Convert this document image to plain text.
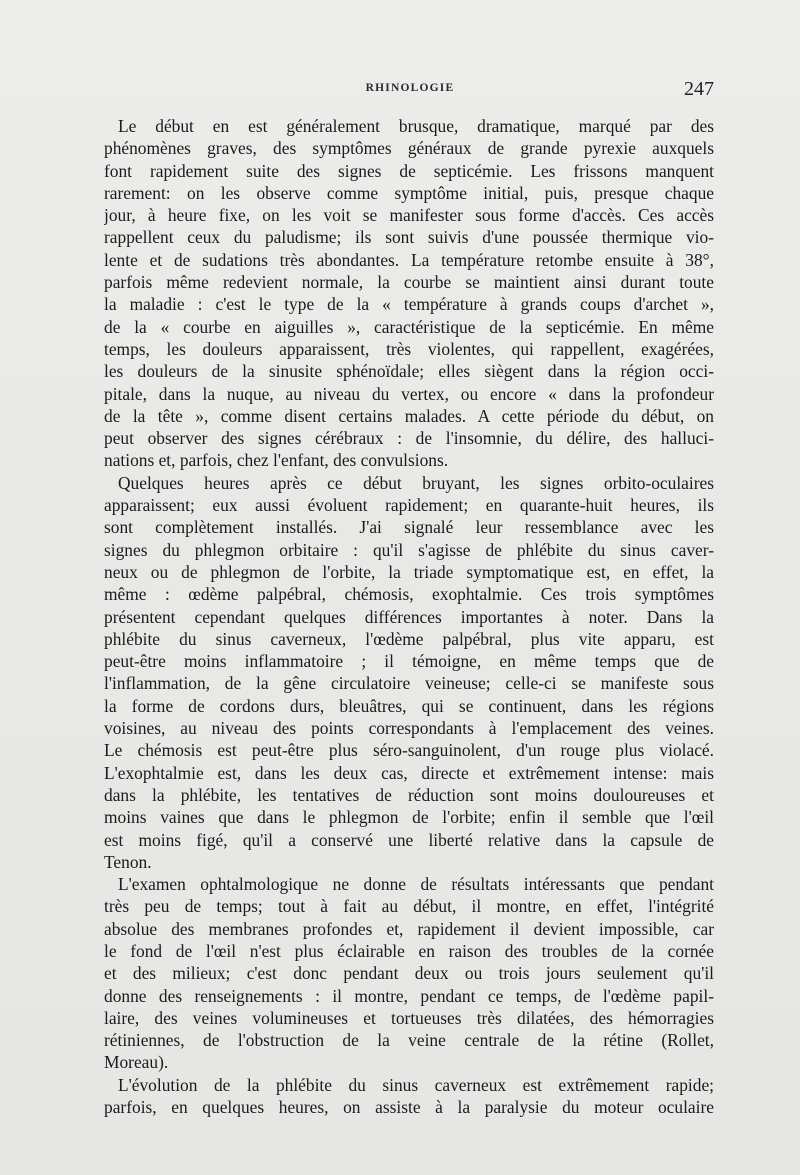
RHINOLOGIE	247
Le début en est généralement brusque, dramatique, marqué par des
phénomènes graves, des symptômes généraux de grande pyrexie auxquels
font rapidement suite des signes de septicémie. Les frissons manquent
rarement: on les observe comme symptôme initial, puis, presque chaque
jour, à heure fixe, on les voit se manifester sous forme d'accès. Ces accès
rappellent ceux du paludisme; ils sont suivis d'une poussée thermique vio-
lente et de sudations très abondantes. La température retombe ensuite à 38°,
parfois même redevient normale, la courbe se maintient ainsi durant toute
la maladie : c'est le type de la « température à grands coups d'archet »,
de la « courbe en aiguilles », caractéristique de la septicémie. En même
temps, les douleurs apparaissent, très violentes, qui rappellent, exagérées,
les douleurs de la sinusite sphénoïdale; elles siègent dans la région occi-
pitale, dans la nuque, au niveau du vertex, ou encore « dans la profondeur
de la tête », comme disent certains malades. A cette période du début, on
peut observer des signes cérébraux : de l'insomnie, du délire, des halluci-
nations et, parfois, chez l'enfant, des convulsions.
Quelques heures après ce début bruyant, les signes orbito-oculaires
apparaissent; eux aussi évoluent rapidement; en quarante-huit heures, ils
sont complètement installés. J'ai signalé leur ressemblance avec les
signes du phlegmon orbitaire : qu'il s'agisse de phlébite du sinus caver-
neux ou de phlegmon de l'orbite, la triade symptomatique est, en effet, la
même : œdème palpébral, chémosis, exophtalmie. Ces trois symptômes
présentent cependant quelques différences importantes à noter. Dans la
phlébite du sinus caverneux, l'œdème palpébral, plus vite apparu, est
peut-être moins inflammatoire ; il témoigne, en même temps que de
l'inflammation, de la gêne circulatoire veineuse; celle-ci se manifeste sous
la forme de cordons durs, bleuâtres, qui se continuent, dans les régions
voisines, au niveau des points correspondants à l'emplacement des veines.
Le chémosis est peut-être plus séro-sanguinolent, d'un rouge plus violacé.
L'exophtalmie est, dans les deux cas, directe et extrêmement intense: mais
dans la phlébite, les tentatives de réduction sont moins douloureuses et
moins vaines que dans le phlegmon de l'orbite; enfin il semble que l'œil
est moins figé, qu'il a conservé une liberté relative dans la capsule de
Tenon.
L'examen ophtalmologique ne donne de résultats intéressants que pendant
très peu de temps; tout à fait au début, il montre, en effet, l'intégrité
absolue des membranes profondes et, rapidement il devient impossible, car
le fond de l'œil n'est plus éclairable en raison des troubles de la cornée
et des milieux; c'est donc pendant deux ou trois jours seulement qu'il
donne des renseignements : il montre, pendant ce temps, de l'œdème papil-
laire, des veines volumineuses et tortueuses très dilatées, des hémorragies
rétiniennes, de l'obstruction de la veine centrale de la rétine (Rollet,
Moreau).
L'évolution de la phlébite du sinus caverneux est extrêmement rapide;
parfois, en quelques heures, on assiste à la paralysie du moteur oculaire
